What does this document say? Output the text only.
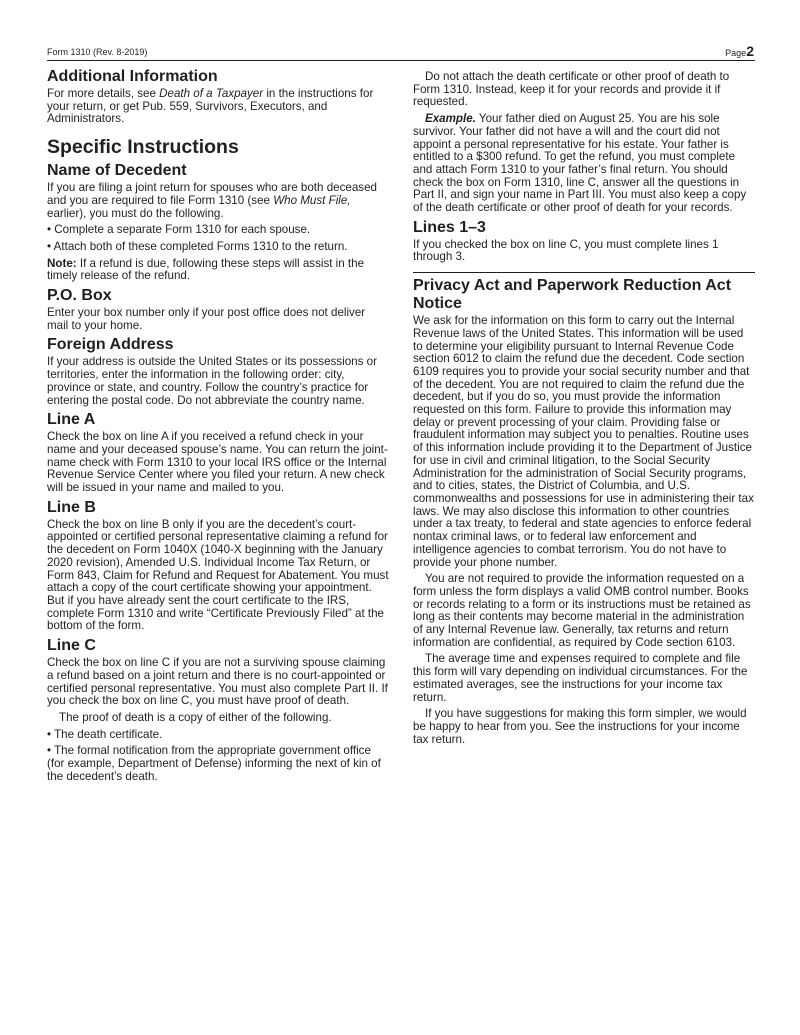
Form 1310 (Rev. 8-2019)	Page2
Additional Information

For more details, see Death of a Taxpayer in the instructions for your return, or get Pub. 559, Survivors, Executors, and Administrators.

Specific Instructions
Name of Decedent

If you are filing a joint return for spouses who are both deceased and you are required to file Form 1310 (see Who Must File, earlier), you must do the following.

• Complete a separate Form 1310 for each spouse.

• Attach both of these completed Forms 1310 to the return.

Note: If a refund is due, following these steps will assist in the timely release of the refund.

P.O. Box

Enter your box number only if your post office does not deliver mail to your home.

Foreign Address

If your address is outside the United States or its possessions or territories, enter the information in the following order: city, province or state, and country. Follow the country’s practice for entering the postal code. Do not abbreviate the country name.

Line A

Check the box on line A if you received a refund check in your name and your deceased spouse’s name. You can return the joint-name check with Form 1310 to your local IRS office or the Internal Revenue Service Center where you filed your return. A new check will be issued in your name and mailed to you.

Line B

Check the box on line B only if you are the decedent’s court-appointed or certified personal representative claiming a refund for the decedent on Form 1040X (1040-X beginning with the January 2020 revision), Amended U.S. Individual Income Tax Return, or Form 843, Claim for Refund and Request for Abatement. You must attach a copy of the court certificate showing your appointment. But if you have already sent the court certificate to the IRS, complete Form 1310 and write “Certificate Previously Filed” at the bottom of the form.

Line C

Check the box on line C if you are not a surviving spouse claiming a refund based on a joint return and there is no court-appointed or certified personal representative. You must also complete Part II. If you check the box on line C, you must have proof of death.

The proof of death is a copy of either of the following.

• The death certificate.

• The formal notification from the appropriate government office (for example, Department of Defense) informing the next of kin of the decedent’s death.

Do not attach the death certificate or other proof of death to Form 1310. Instead, keep it for your records and provide it if requested.

Example. Your father died on August 25. You are his sole survivor. Your father did not have a will and the court did not appoint a personal representative for his estate. Your father is entitled to a $300 refund. To get the refund, you must complete and attach Form 1310 to your father’s final return. You should check the box on Form 1310, line C, answer all the questions in Part II, and sign your name in Part III. You must also keep a copy of the death certificate or other proof of death for your records.

Lines 1–3

If you checked the box on line C, you must complete lines 1 through 3.

Privacy Act and Paperwork Reduction Act Notice

We ask for the information on this form to carry out the Internal Revenue laws of the United States. This information will be used to determine your eligibility pursuant to Internal Revenue Code section 6012 to claim the refund due the decedent. Code section 6109 requires you to provide your social security number and that of the decedent. You are not required to claim the refund due the decedent, but if you do so, you must provide the information requested on this form. Failure to provide this information may delay or prevent processing of your claim. Providing false or fraudulent information may subject you to penalties. Routine uses of this information include providing it to the Department of Justice for use in civil and criminal litigation, to the Social Security Administration for the administration of Social Security programs, and to cities, states, the District of Columbia, and U.S. commonwealths and possessions for use in administering their tax laws. We may also disclose this information to other countries under a tax treaty, to federal and state agencies to enforce federal nontax criminal laws, or to federal law enforcement and intelligence agencies to combat terrorism. You do not have to provide your phone number.

You are not required to provide the information requested on a form unless the form displays a valid OMB control number. Books or records relating to a form or its instructions must be retained as long as their contents may become material in the administration of any Internal Revenue law. Generally, tax returns and return information are confidential, as required by Code section 6103.

The average time and expenses required to complete and file this form will vary depending on individual circumstances. For the estimated averages, see the instructions for your income tax return.

If you have suggestions for making this form simpler, we would be happy to hear from you. See the instructions for your income tax return.
